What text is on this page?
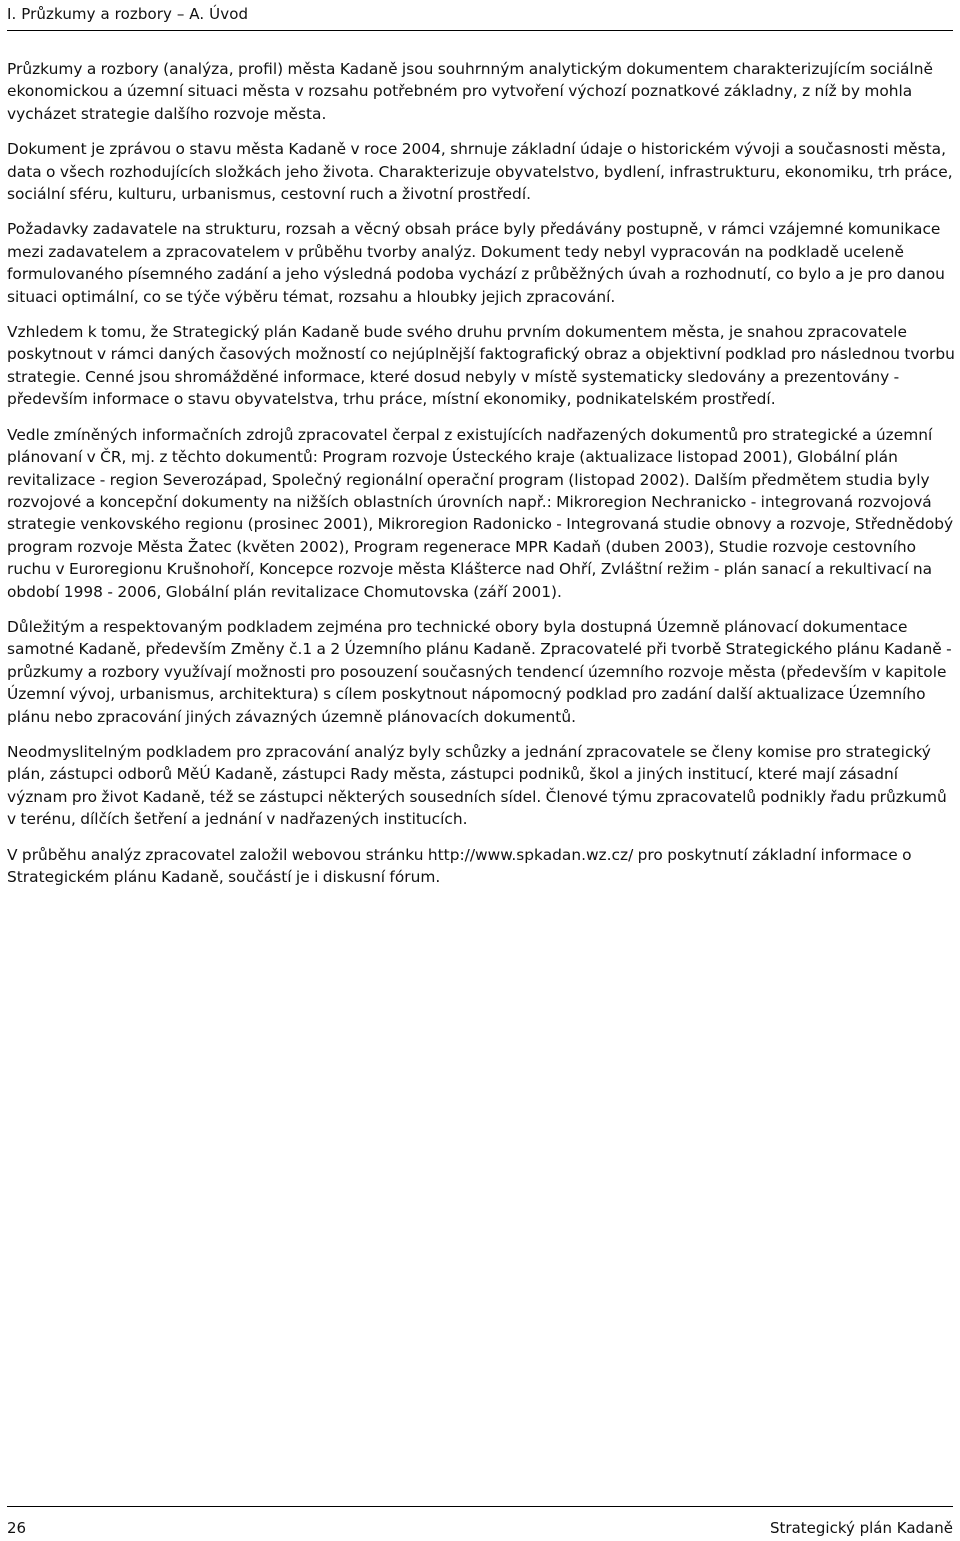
I. Průzkumy a rozbory – A. Úvod

Průzkumy a rozbory (analýza, profil) města Kadaně jsou souhrnným analytickým dokumentem charakterizujícím sociálně ekonomickou a územní situaci města v rozsahu potřebném pro vytvoření výchozí poznatkové základny, z níž by mohla vycházet strategie dalšího rozvoje města.

Dokument je zprávou o stavu města Kadaně v roce 2004, shrnuje základní údaje o historickém vývoji a současnosti města, data o všech rozhodujících složkách jeho života. Charakterizuje obyvatelstvo, bydlení, infrastrukturu, ekonomiku, trh práce, sociální sféru, kulturu, urbanismus, cestovní ruch a životní prostředí.

Požadavky zadavatele na strukturu, rozsah a věcný obsah práce byly předávány postupně, v rámci vzájemné komunikace mezi zadavatelem a zpracovatelem v průběhu tvorby analýz. Dokument tedy nebyl vypracován na podkladě uceleně formulovaného písemného zadání a jeho výsledná podoba vychází z průběžných úvah a rozhodnutí, co bylo a je pro danou situaci optimální, co se týče výběru témat, rozsahu a hloubky jejich zpracování.

Vzhledem k tomu, že Strategický plán Kadaně bude svého druhu prvním dokumentem města, je snahou zpracovatele poskytnout v rámci daných časových možností co nejúplnější faktografický obraz a objektivní podklad pro následnou tvorbu strategie. Cenné jsou shromážděné informace, které dosud nebyly v místě systematicky sledovány a prezentovány - především informace o stavu obyvatelstva, trhu práce, místní ekonomiky, podnikatelském prostředí.

Vedle zmíněných informačních zdrojů zpracovatel čerpal z existujících nadřazených dokumentů pro strategické a územní plánovaní v ČR, mj. z těchto dokumentů: Program rozvoje Ústeckého kraje (aktualizace listopad 2001), Globální plán revitalizace - region Severozápad, Společný regionální operační program (listopad 2002). Dalším předmětem studia byly rozvojové a koncepční dokumenty na nižších oblastních úrovních např.: Mikroregion Nechranicko - integrovaná rozvojová strategie venkovského regionu (prosinec 2001), Mikroregion Radonicko - Integrovaná studie obnovy a rozvoje, Střednědobý program rozvoje Města Žatec (květen 2002), Program regenerace MPR Kadaň (duben 2003), Studie rozvoje cestovního ruchu v Euroregionu Krušnohoří, Koncepce rozvoje města Klášterce nad Ohří, Zvláštní režim - plán sanací a rekultivací na období 1998 - 2006, Globální plán revitalizace Chomutovska (září 2001).

Důležitým a respektovaným podkladem zejména pro technické obory byla dostupná Územně plánovací dokumentace samotné Kadaně, především Změny č.1 a 2 Územního plánu Kadaně. Zpracovatelé při tvorbě Strategického plánu Kadaně - průzkumy a rozbory využívají možnosti pro posouzení současných tendencí územního rozvoje města (především v kapitole Územní vývoj, urbanismus, architektura) s cílem poskytnout nápomocný podklad pro zadání další aktualizace Územního plánu nebo zpracování jiných závazných územně plánovacích dokumentů.

Neodmyslitelným podkladem pro zpracování analýz byly schůzky a jednání zpracovatele se členy komise pro strategický plán, zástupci odborů MěÚ Kadaně, zástupci Rady města, zástupci podniků, škol a jiných institucí, které mají zásadní význam pro život Kadaně, též se zástupci některých sousedních sídel. Členové týmu zpracovatelů podnikly řadu průzkumů v terénu, dílčích šetření a jednání v nadřazených institucích.

V průběhu analýz zpracovatel založil webovou stránku http://www.spkadan.wz.cz/ pro poskytnutí základní informace o Strategickém plánu Kadaně, součástí je i diskusní fórum.

26	Strategický plán Kadaně
